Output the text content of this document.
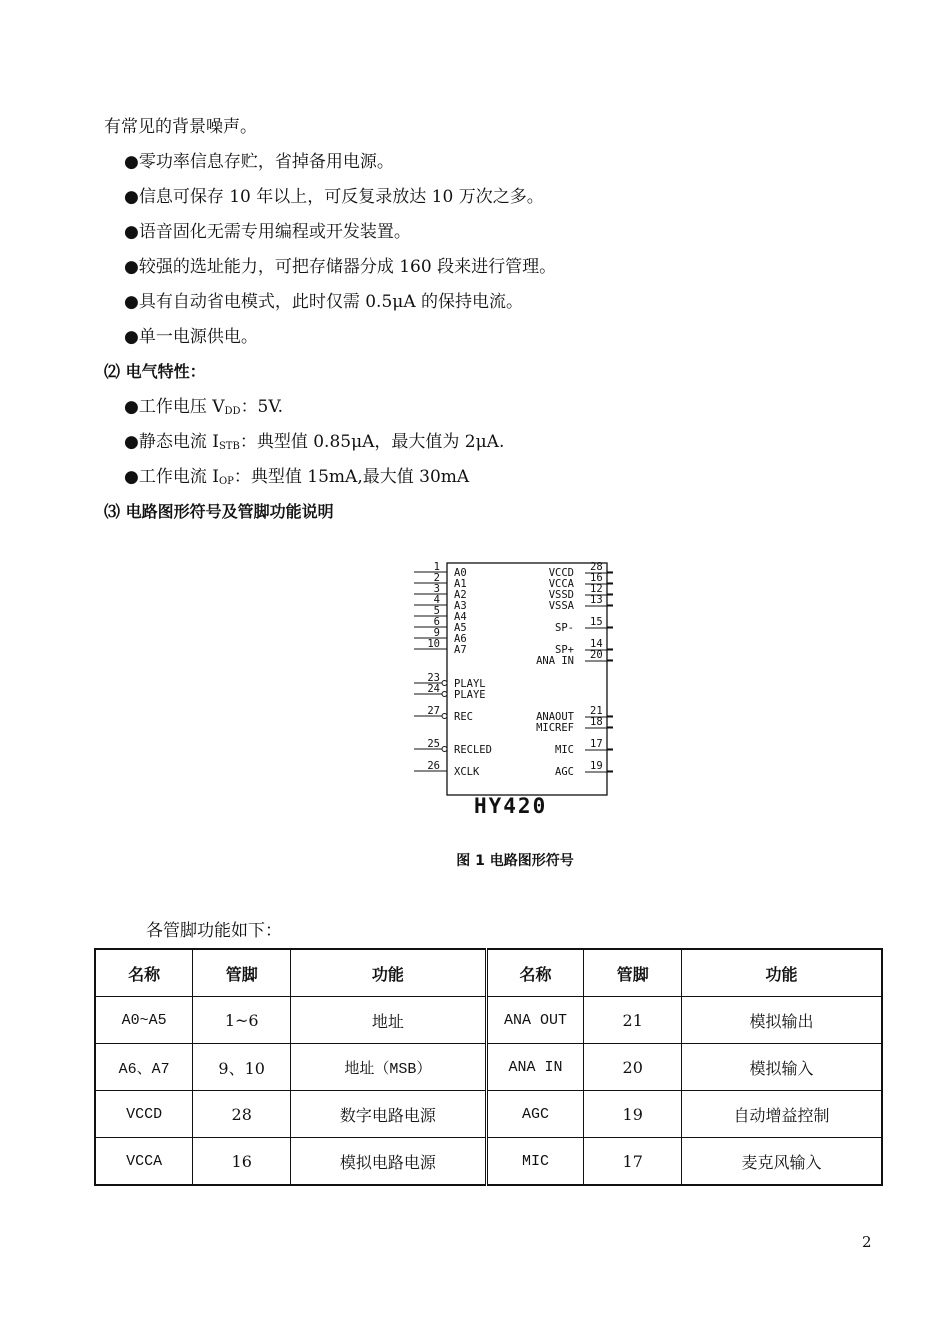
有常见的背景噪声。
●零功率信息存贮，省掉备用电源。
●信息可保存 10 年以上，可反复录放达 10 万次之多。
●语音固化无需专用编程或开发装置。
●较强的选址能力，可把存储器分成 160 段来进行管理。
●具有自动省电模式，此时仅需 0.5μA 的保持电流。
●单一电源供电。
⑵ 电气特性：
●工作电压 $V_{DD}$：5V.
●静态电流 $I_{STB}$：典型值 0.85μA，最大值为 2μA.
●工作电流 $I_{OP}$：典型值 15mA,最大值 30mA
⑶ 电路图形符号及管脚功能说明
1 A0
2 A1
3 A2
4 A3
5 A4
6 A5
9 A6
10 A7
23 PLAYL
24 PLAYE
27 REC
25 RECLED
26 XCLK
28
VCCD 16
VCCA 12
VSSD 13
VSSA
15
SP-
14
SP+ 20
ANA IN
21
ANAOUT 18
MICREF
17
MIC
19
AGC
HY420
图 1 电路图形符号
各管脚功能如下：
名称	管脚	功能	名称	管脚	功能
A0~A5	1~6	地址	ANA OUT	21	模拟输出
A6、A7	9、10	地址（MSB）	ANA IN	20	模拟输入
VCCD	28	数字电路电源	AGC	19	自动增益控制
VCCA	16	模拟电路电源	MIC	17	麦克风输入
2
